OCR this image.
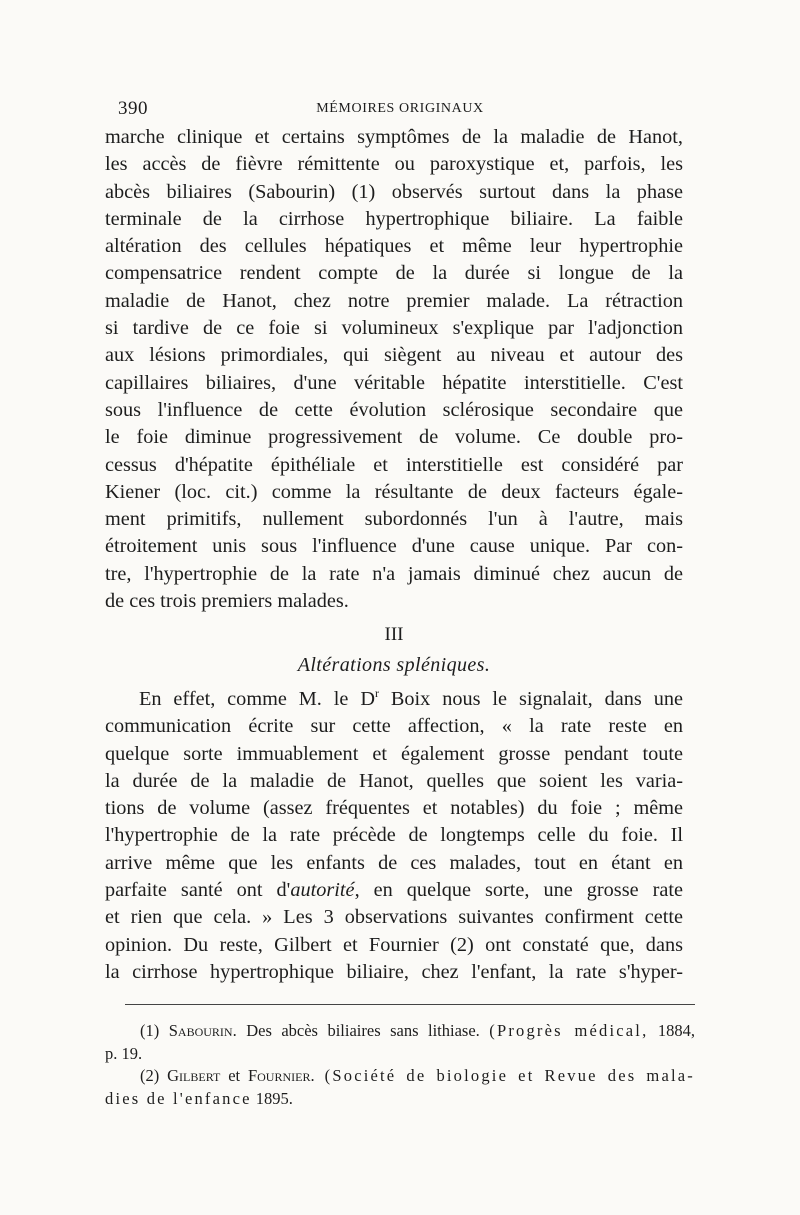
390	MÉMOIRES ORIGINAUX
marche clinique et certains symptômes de la maladie de Hanot,
les accès de fièvre rémittente ou paroxystique et, parfois, les
abcès biliaires (Sabourin) (1) observés surtout dans la phase
terminale de la cirrhose hypertrophique biliaire. La faible
altération des cellules hépatiques et même leur hypertrophie
compensatrice rendent compte de la durée si longue de la
maladie de Hanot, chez notre premier malade. La rétraction
si tardive de ce foie si volumineux s'explique par l'adjonction
aux lésions primordiales, qui siègent au niveau et autour des
capillaires biliaires, d'une véritable hépatite interstitielle. C'est
sous l'influence de cette évolution sclérosique secondaire que
le foie diminue progressivement de volume. Ce double pro-
cessus d'hépatite épithéliale et interstitielle est considéré par
Kiener (loc. cit.) comme la résultante de deux facteurs égale-
ment primitifs, nullement subordonnés l'un à l'autre, mais
étroitement unis sous l'influence d'une cause unique. Par con-
tre, l'hypertrophie de la rate n'a jamais diminué chez aucun de
de ces trois premiers malades.
III
Altérations spléniques.
En effet, comme M. le $D^r$ Boix nous le signalait, dans une
communication écrite sur cette affection, « la rate reste en
quelque sorte immuablement et également grosse pendant toute
la durée de la maladie de Hanot, quelles que soient les varia-
tions de volume (assez fréquentes et notables) du foie ; même
l'hypertrophie de la rate précède de longtemps celle du foie. Il
arrive même que les enfants de ces malades, tout en étant en
parfaite santé ont d'autorité, en quelque sorte, une grosse rate
et rien que cela. » Les 3 observations suivantes confirment cette
opinion. Du reste, Gilbert et Fournier (2) ont constaté que, dans
la cirrhose hypertrophique biliaire, chez l'enfant, la rate s'hyper-
(1) Sabourin. Des abcès biliaires sans lithiase. (Progrès médical, 1884,
p. 19.
(2) Gilbert et Fournier. (Société de biologie et Revue des mala-
dies de l'enfance 1895.
